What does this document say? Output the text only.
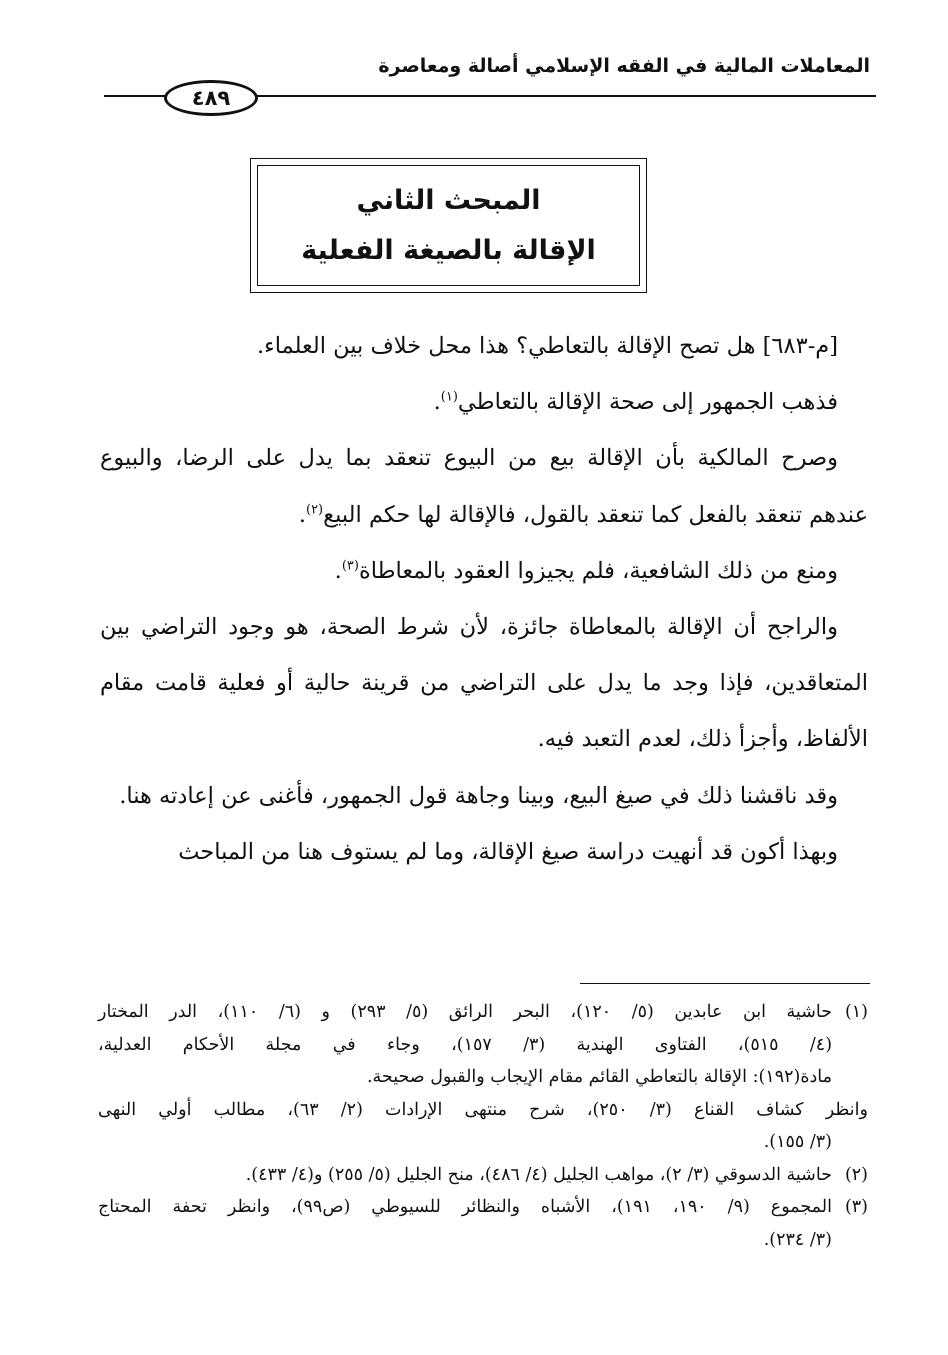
المعاملات المالية في الفقه الإسلامي أصالة ومعاصرة
٤٨٩
المبحث الثاني
الإقالة بالصيغة الفعلية

[م-٦٨٣] هل تصح الإقالة بالتعاطي؟ هذا محل خلاف بين العلماء.

فذهب الجمهور إلى صحة الإقالة بالتعاطي$^{(١)}$.

وصرح المالكية بأن الإقالة بيع من البيوع تنعقد بما يدل على الرضا، والبيوع عندهم تنعقد بالفعل كما تنعقد بالقول، فالإقالة لها حكم البيع$^{(٢)}$.

ومنع من ذلك الشافعية، فلم يجيزوا العقود بالمعاطاة$^{(٣)}$.

والراجح أن الإقالة بالمعاطاة جائزة، لأن شرط الصحة، هو وجود التراضي بين المتعاقدين، فإذا وجد ما يدل على التراضي من قرينة حالية أو فعلية قامت مقام الألفاظ، وأجزأ ذلك، لعدم التعبد فيه.

وقد ناقشنا ذلك في صيغ البيع، وبينا وجاهة قول الجمهور، فأغنى عن إعادته هنا.

وبهذا أكون قد أنهيت دراسة صيغ الإقالة، وما لم يستوف هنا من المباحث

(١)
حاشية ابن عابدين (٥/ ١٢٠)، البحر الرائق (٥/ ٢٩٣) و (٦/ ١١٠)، الدر المختار
(٤/ ٥١٥)، الفتاوى الهندية (٣/ ١٥٧)، وجاء في مجلة الأحكام العدلية،
مادة(١٩٢): الإقالة بالتعاطي القائم مقام الإيجاب والقبول صحيحة.
وانظر كشاف القناع (٣/ ٢٥٠)، شرح منتهى الإرادات (٢/ ٦٣)، مطالب أولي النهى
(٣/ ١٥٥).
(٢)
حاشية الدسوقي (٣/ ٢)، مواهب الجليل (٤/ ٤٨٦)، منح الجليل (٥/ ٢٥٥) و(٤/ ٤٣٣).
(٣)
المجموع (٩/ ١٩٠، ١٩١)، الأشباه والنظائر للسيوطي (ص٩٩)، وانظر تحفة المحتاج
(٣/ ٢٣٤).
